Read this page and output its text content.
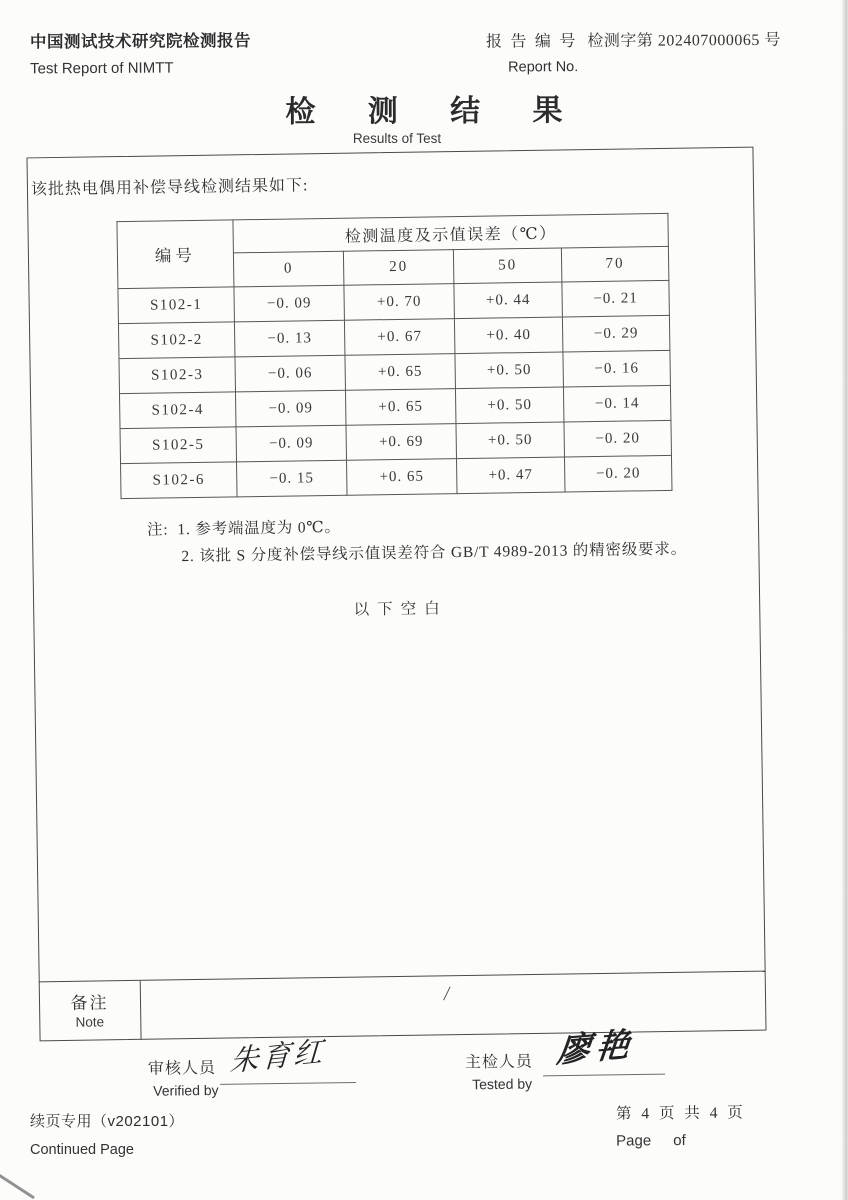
中国测试技术研究院检测报告
Test Report of NIMTT
报 告 编 号 检测字第 202407000065 号
Report No.
检 测 结 果
Results of Test
该批热电偶用补偿导线检测结果如下:
编号	检测温度及示值误差（℃）			
	0	20	50	70
S102-1	−0. 09	+0. 70	+0. 44	−0. 21
S102-2	−0. 13	+0. 67	+0. 40	−0. 29
S102-3	−0. 06	+0. 65	+0. 50	−0. 16
S102-4	−0. 09	+0. 65	+0. 50	−0. 14
S102-5	−0. 09	+0. 69	+0. 50	−0. 20
S102-6	−0. 15	+0. 65	+0. 47	−0. 20
注: 1. 参考端温度为 0℃。
2. 该批 S 分度补偿导线示值误差符合 GB/T 4989-2013 的精密级要求。
以下空白
备注
Note
/
审核人员
Verified by
朱育红	主检人员
Tested by
廖艳
续页专用（v202101）
Continued Page
第 4 页 共 4 页
Page of
